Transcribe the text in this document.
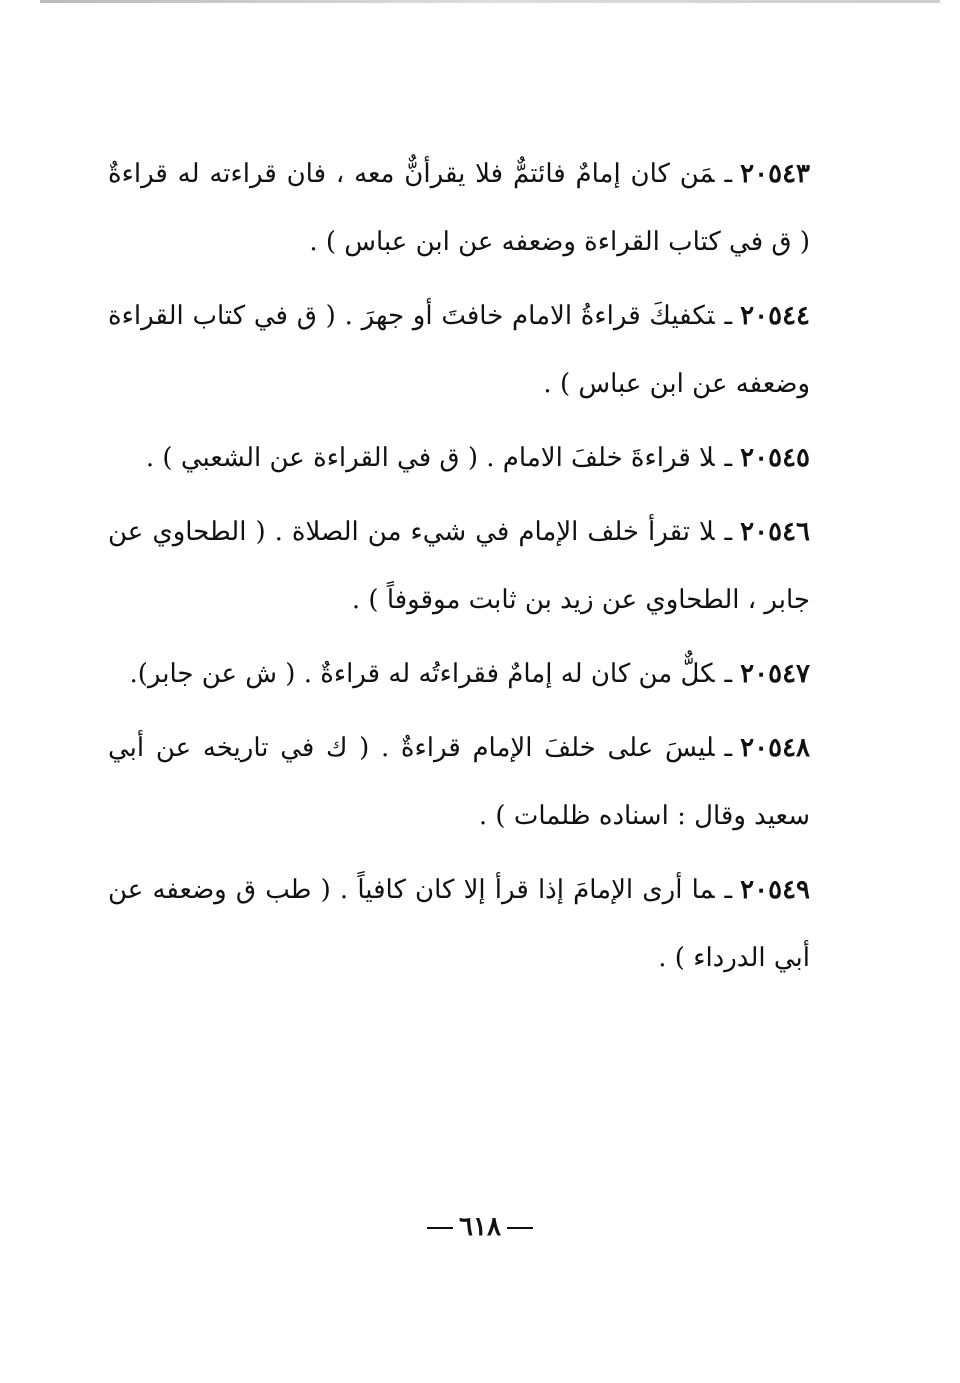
٢٠٥٤٣ـمَن كان إمامٌ فائتمٌّ فلا يقرأنٌّ معه ، فان قراءته له قراءةٌ ( ق في كتاب القراءة وضعفه عن ابن عباس ) .

٢٠٥٤٤ـتكفيكَ قراءةُ الامام خافتَ أو جهرَ . ( ق في كتاب القراءة وضعفه عن ابن عباس ) .

٢٠٥٤٥ـلا قراءةَ خلفَ الامام . ( ق في القراءة عن الشعبي ) .

٢٠٥٤٦ـلا تقرأ خلف الإمام في شيء من الصلاة . ( الطحاوي عن جابر ، الطحاوي عن زيد بن ثابت موقوفاً ) .

٢٠٥٤٧ـكلٌّ من كان له إمامٌ فقراءتُه له قراءةٌ . ( ش عن جابر).

٢٠٥٤٨ـليسَ على خلفَ الإمام قراءةٌ . ( ك في تاريخه عن أبي سعيد وقال : اسناده ظلمات ) .

٢٠٥٤٩ـما أرى الإمامَ إذا قرأ إلا كان كافياً . ( طب ق وضعفه عن أبي الدرداء ) .

٦١٨
